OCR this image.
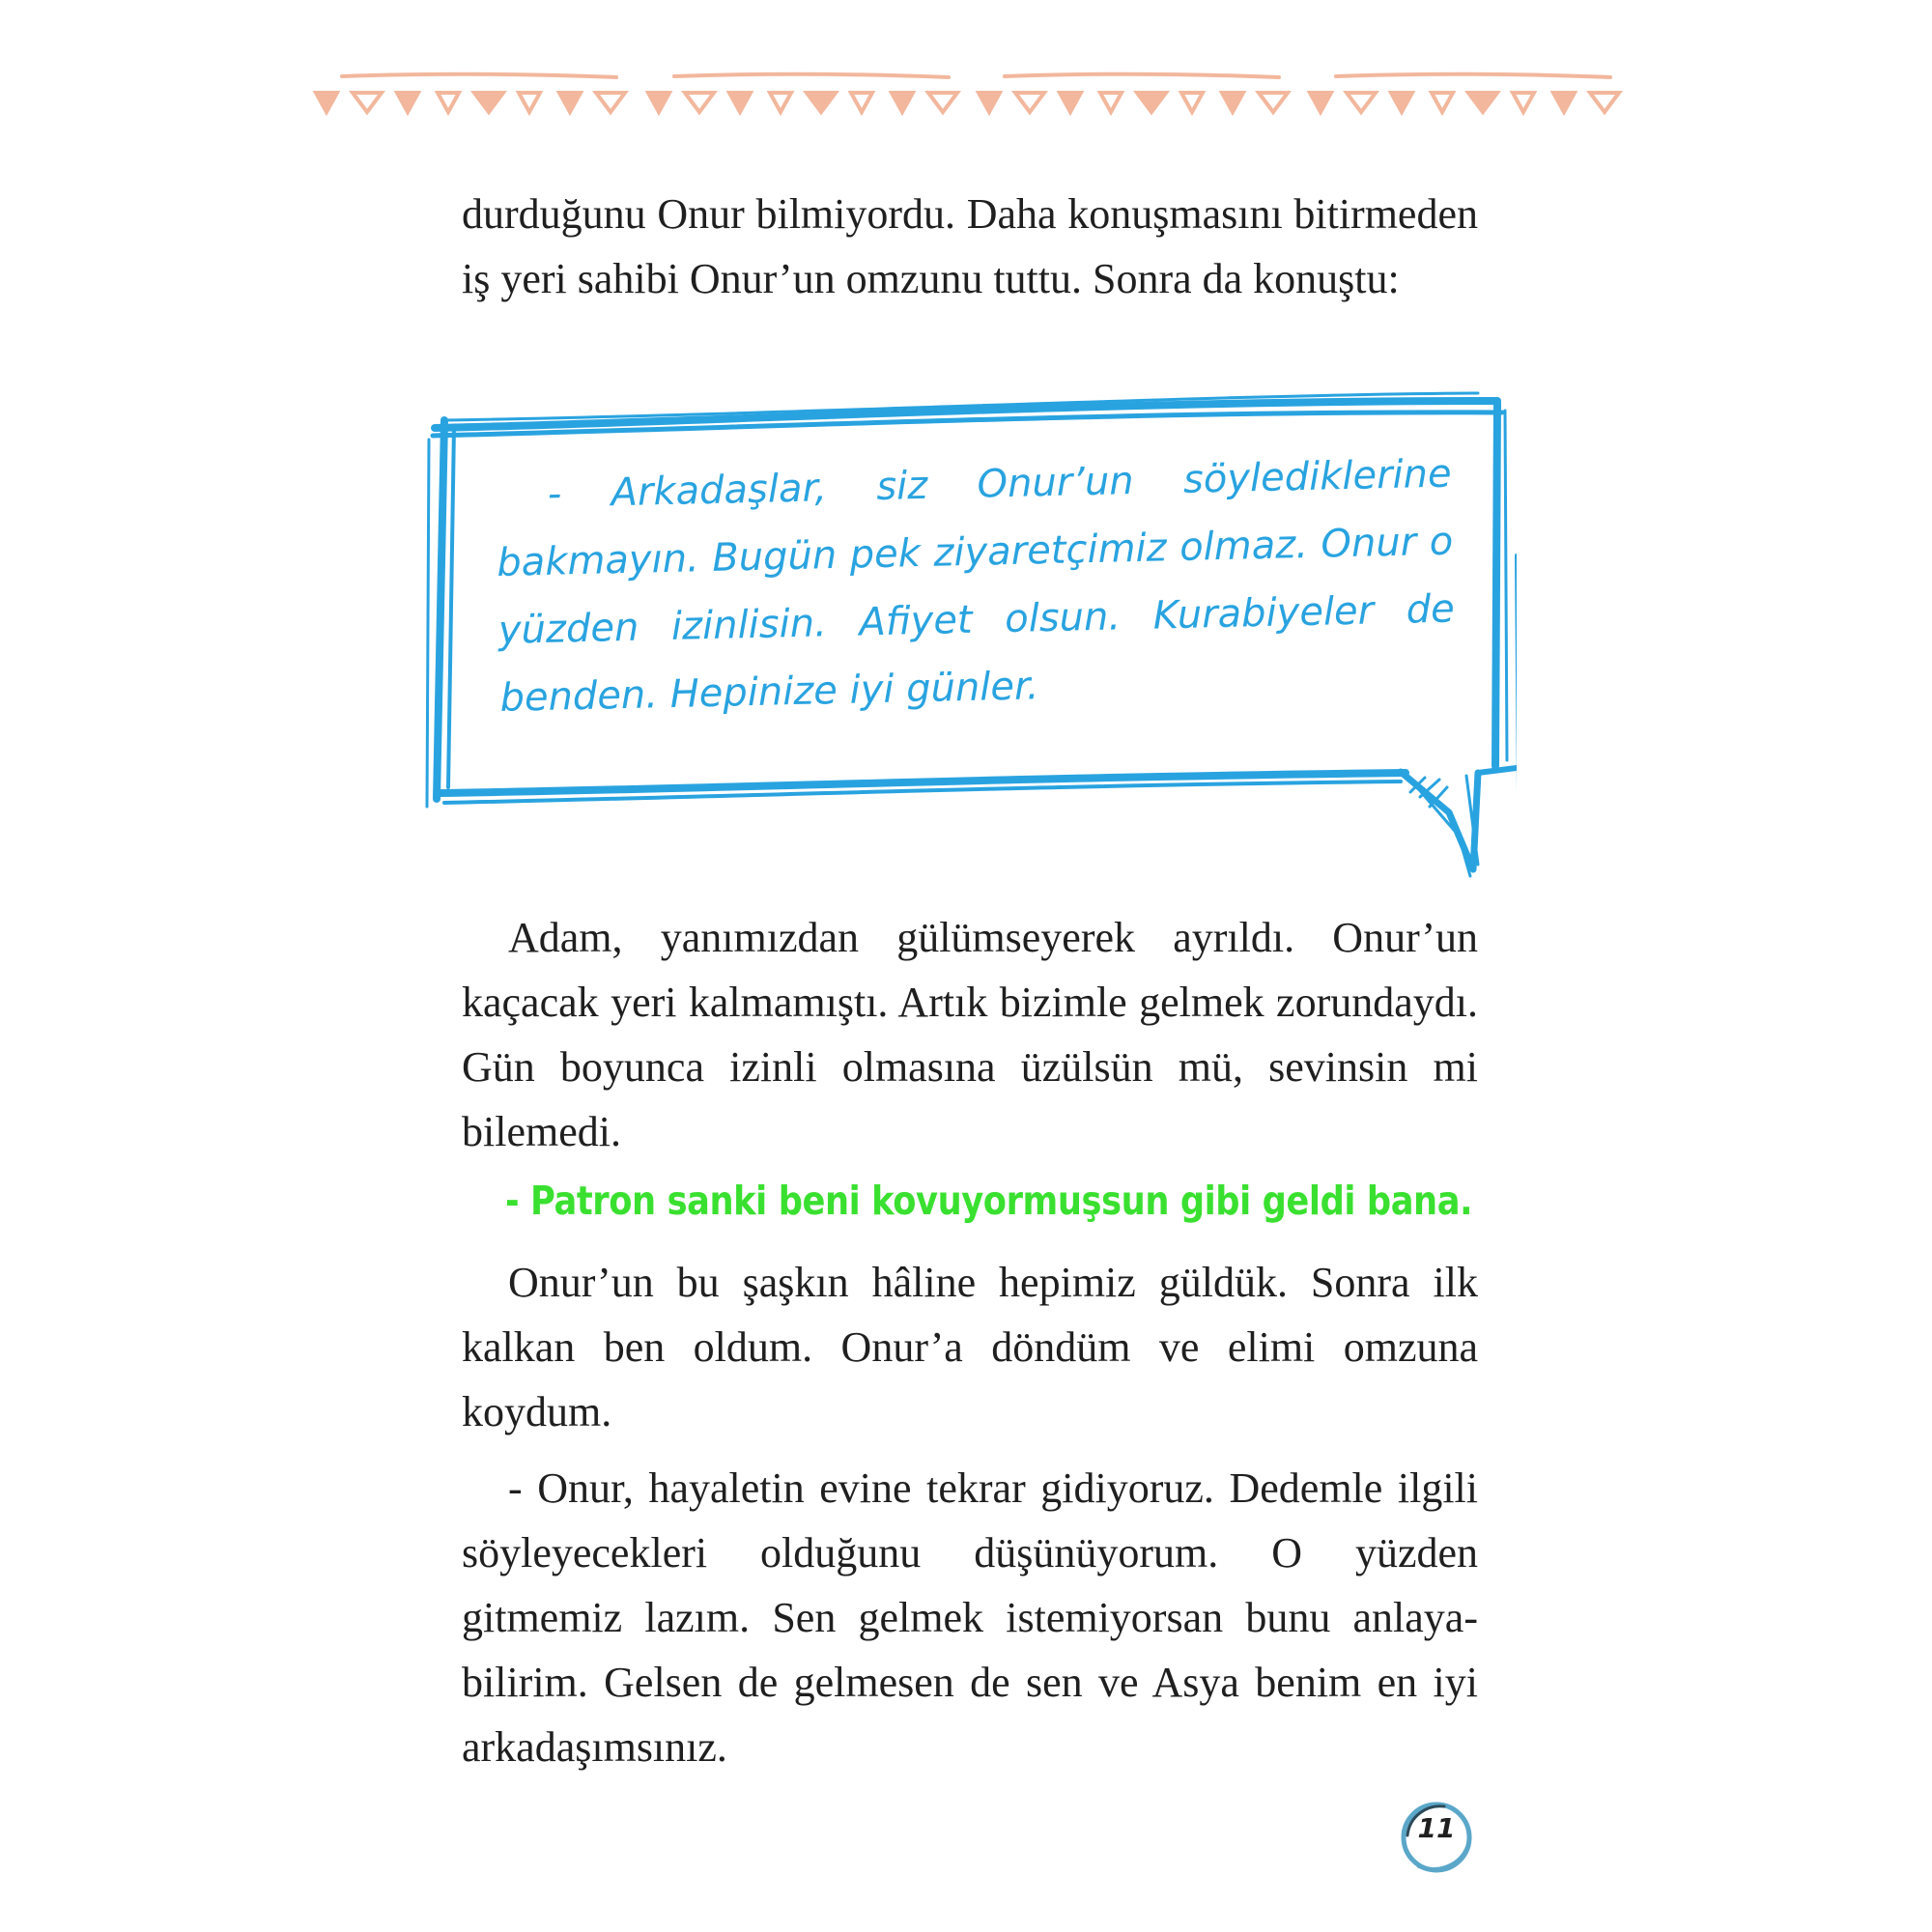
durduğunu Onur bilmiyordu. Daha konuşmasını bitirmeden iş yeri sahibi Onur’un omzunu tuttu. Sonra da konuştu:

- Arkadaşlar, siz Onur’un söylediklerine bakmayın. Bugün pek ziyaretçimiz olmaz. Onur o yüzden izinlisin. Afiyet olsun. Kurabiyeler de benden. Hepinize iyi günler.

Adam, yanımızdan gülümseyerek ayrıldı. Onur’un kaçacak yeri kalmamıştı. Artık bizimle gelmek zorundaydı. Gün boyunca izinli olmasına üzülsün mü, sevinsin mi bilemedi.

- Patron sanki beni kovuyormuşsun gibi geldi bana.

Onur’un bu şaşkın hâline hepimiz güldük. Sonra ilk kalkan ben oldum. Onur’a döndüm ve elimi omzuna koydum.

- Onur, hayaletin evine tekrar gidiyoruz. Dedemle ilgili söyleyecekleri olduğunu düşünüyorum. O yüzden gitmemiz lazım. Sen gelmek istemiyorsan bunu anlayabilirim. Gelsen de gelmesen de sen ve Asya benim en iyi arkadaşımsınız.

11
